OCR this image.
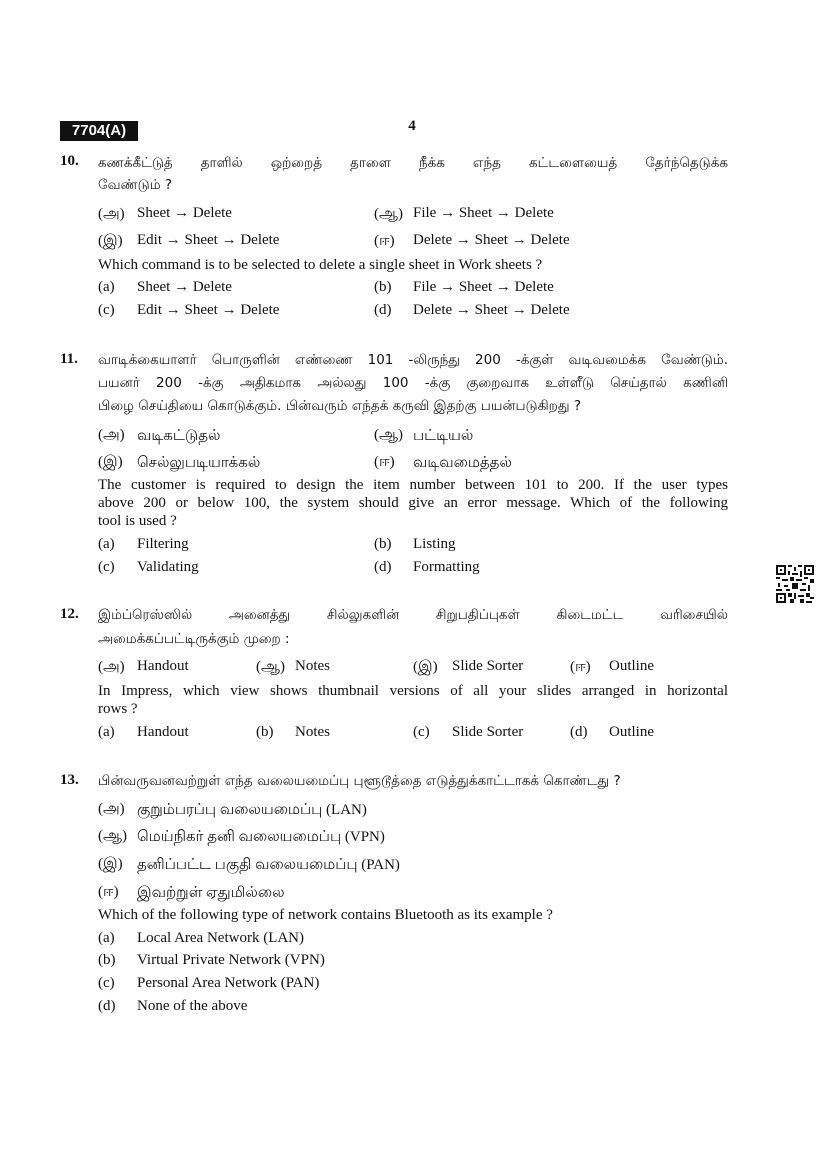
7704(A)	4
10. கணக்கீட்டுத் தாளில் ஒற்றைத் தாளை நீக்க எந்த கட்டளையைத் தேர்ந்தெடுக்க
வேண்டும் ?
(அ) Sheet → Delete	(ஆ) File → Sheet → Delete
(இ) Edit → Sheet → Delete	(ஈ) Delete → Sheet → Delete
Which command is to be selected to delete a single sheet in Work sheets ?
(a) Sheet → Delete	(b) File → Sheet → Delete
(c) Edit → Sheet → Delete	(d) Delete → Sheet → Delete
11. வாடிக்கையாளர் பொருளின் எண்ணை 101 -லிருந்து 200 -க்குள் வடிவமைக்க வேண்டும்.
பயனர் 200 -க்கு அதிகமாக அல்லது 100 -க்கு குறைவாக உள்ளீடு செய்தால் கணினி
பிழை செய்தியை கொடுக்கும். பின்வரும் எந்தக் கருவி இதற்கு பயன்படுகிறது ?
(அ) வடிகட்டுதல்	(ஆ) பட்டியல்
(இ) செல்லுபடியாக்கல்	(ஈ) வடிவமைத்தல்
The customer is required to design the item number between 101 to 200. If the user types
above 200 or below 100, the system should give an error message. Which of the following
tool is used ?
(a) Filtering	(b) Listing
(c) Validating	(d) Formatting
12. இம்ப்ரெஸ்ஸில் அனைத்து சில்லுகளின் சிறுபதிப்புகள் கிடைமட்ட வரிசையில்
அமைக்கப்பட்டிருக்கும் முறை :
(அ) Handout	(ஆ) Notes	(இ) Slide Sorter	(ஈ) Outline
In Impress, which view shows thumbnail versions of all your slides arranged in horizontal
rows ?
(a) Handout	(b) Notes	(c) Slide Sorter	(d) Outline
13. பின்வருவனவற்றுள் எந்த வலையமைப்பு புளூடூத்தை எடுத்துக்காட்டாகக் கொண்டது ?
(அ) குறும்பரப்பு வலையமைப்பு (LAN)
(ஆ) மெய்நிகர் தனி வலையமைப்பு (VPN)
(இ) தனிப்பட்ட பகுதி வலையமைப்பு (PAN)
(ஈ) இவற்றுள் ஏதுமில்லை
Which of the following type of network contains Bluetooth as its example ?
(a) Local Area Network (LAN)
(b) Virtual Private Network (VPN)
(c) Personal Area Network (PAN)
(d) None of the above
